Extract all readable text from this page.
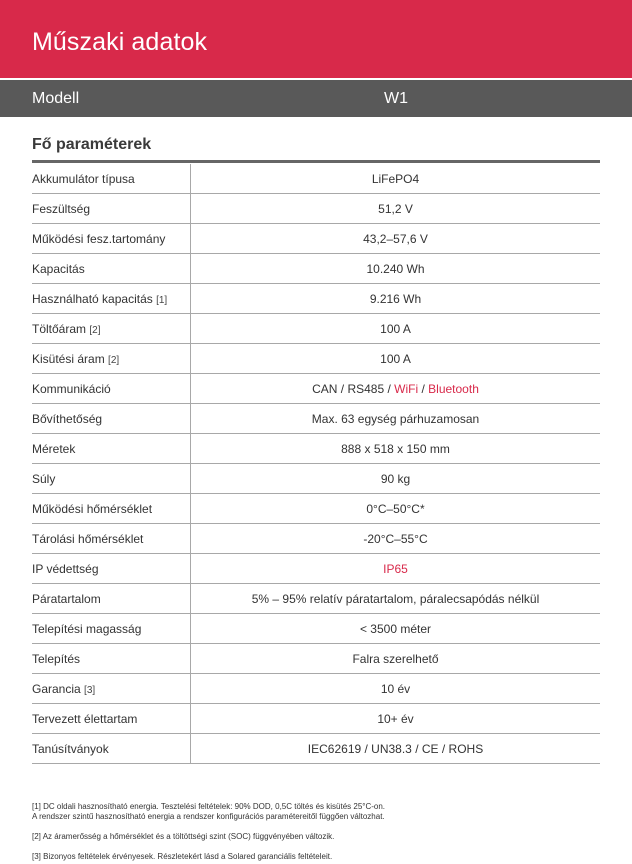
Műszaki adatok
Modell	W1
Fő paraméterek
Akkumulátor típusa	LiFePO4
Feszültség	51,2 V
Működési fesz.tartomány	43,2–57,6 V
Kapacitás	10.240 Wh
Használható kapacitás [1]	9.216 Wh
Töltőáram [2]	100 A
Kisütési áram [2]	100 A
Kommunikáció	CAN / RS485 / WiFi / Bluetooth
Bővíthetőség	Max. 63 egység párhuzamosan
Méretek	888 x 518 x 150 mm
Súly	90 kg
Működési hőmérséklet	0°C–50°C*
Tárolási hőmérséklet	-20°C–55°C
IP védettség	IP65
Páratartalom	5% – 95% relatív páratartalom, páralecsapódás nélkül
Telepítési magasság	< 3500 méter
Telepítés	Falra szerelhető
Garancia [3]	10 év
Tervezett élettartam	10+ év
Tanúsítványok	IEC62619 / UN38.3 / CE / ROHS
[1] DC oldali hasznosítható energia. Tesztelési feltételek: 90% DOD, 0,5C töltés és kisütés 25°C-on.
A rendszer szintű hasznosítható energia a rendszer konfigurációs paramétereitől függően változhat.
[2] Az áramerősség a hőmérséklet és a töltöttségi szint (SOC) függvényében változik.
[3] Bizonyos feltételek érvényesek. Részletekért lásd a Solared garanciális feltételeit.
